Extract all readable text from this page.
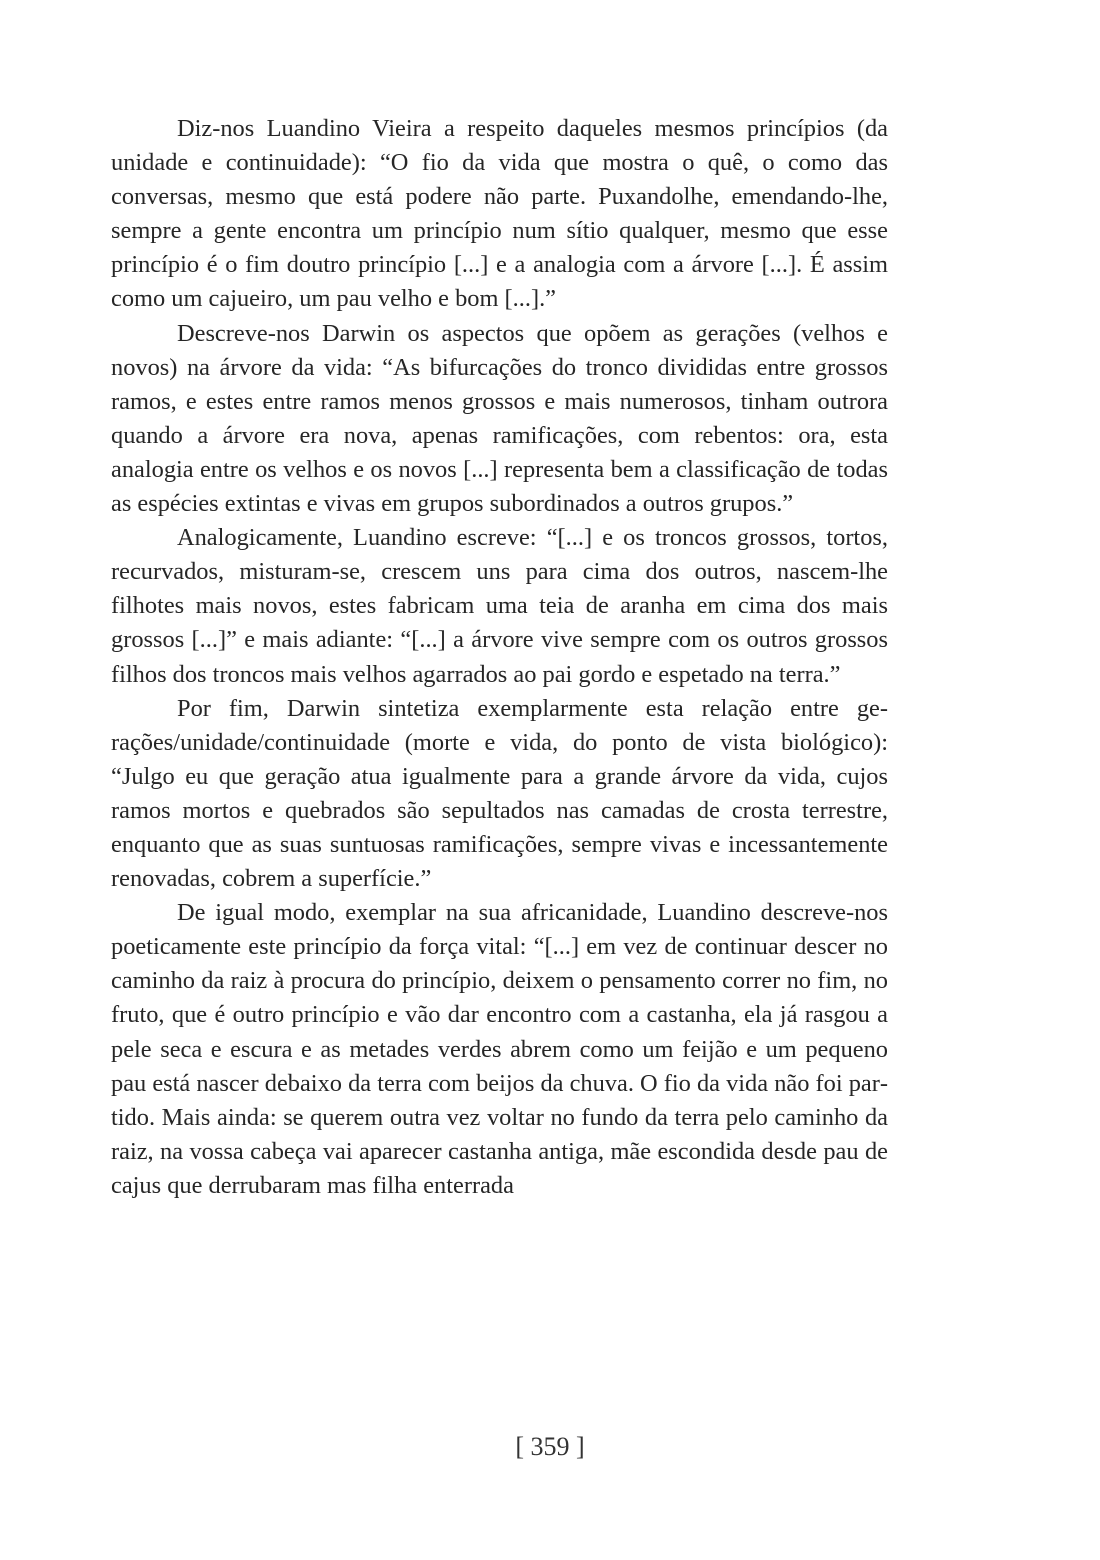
Diz-nos Luandino Vieira a respeito daqueles mesmos princípios (da unidade e continuidade): “O fio da vida que mostra o quê, o como das conversas, mesmo que está podere não parte. Puxandolhe, emendando-lhe, sempre a gente encontra um princípio num sítio qualquer, mesmo que esse princípio é o fim doutro princípio [...] e a analogia com a árvore [...]. É assim como um cajueiro, um pau velho e bom [...].”

Descreve-nos Darwin os aspectos que opõem as gerações (velhos e novos) na árvore da vida: “As bifurcações do tronco divididas entre grossos ramos, e estes entre ramos menos grossos e mais numerosos, tinham outrora quando a árvore era nova, apenas ramificações, com rebentos: ora, esta analogia entre os velhos e os novos [...] representa bem a classificação de todas as espécies extintas e vivas em grupos subordinados a outros grupos.”

Analogicamente, Luandino escreve: “[...] e os troncos grossos, tortos, recurvados, misturam-se, crescem uns para cima dos outros, nascem-lhe filhotes mais novos, estes fabricam uma teia de aranha em cima dos mais grossos [...]” e mais adiante: “[...] a árvore vive sempre com os outros grossos filhos dos troncos mais velhos agarrados ao pai gordo e espetado na terra.”

Por fim, Darwin sintetiza exemplarmente esta relação entre gerações/unidade/continuidade (morte e vida, do ponto de vista biológico): “Julgo eu que geração atua igualmente para a grande árvore da vida, cujos ramos mortos e quebrados são sepultados nas camadas de crosta terrestre, enquanto que as suas suntuosas ramificações, sempre vivas e incessantemente renovadas, cobrem a superfície.”

De igual modo, exemplar na sua africanidade, Luandino descreve-nos poeticamente este princípio da força vital: “[...] em vez de continuar descer no caminho da raiz à procura do princípio, deixem o pensamento correr no fim, no fruto, que é outro princípio e vão dar encontro com a castanha, ela já rasgou a pele seca e escura e as metades verdes abrem como um feijão e um pequeno pau está nascer debaixo da terra com beijos da chuva. O fio da vida não foi partido. Mais ainda: se querem outra vez voltar no fundo da terra pelo caminho da raiz, na vossa cabeça vai aparecer castanha antiga, mãe escondida desde pau de cajus que derrubaram mas filha enterrada

[ 359 ]
